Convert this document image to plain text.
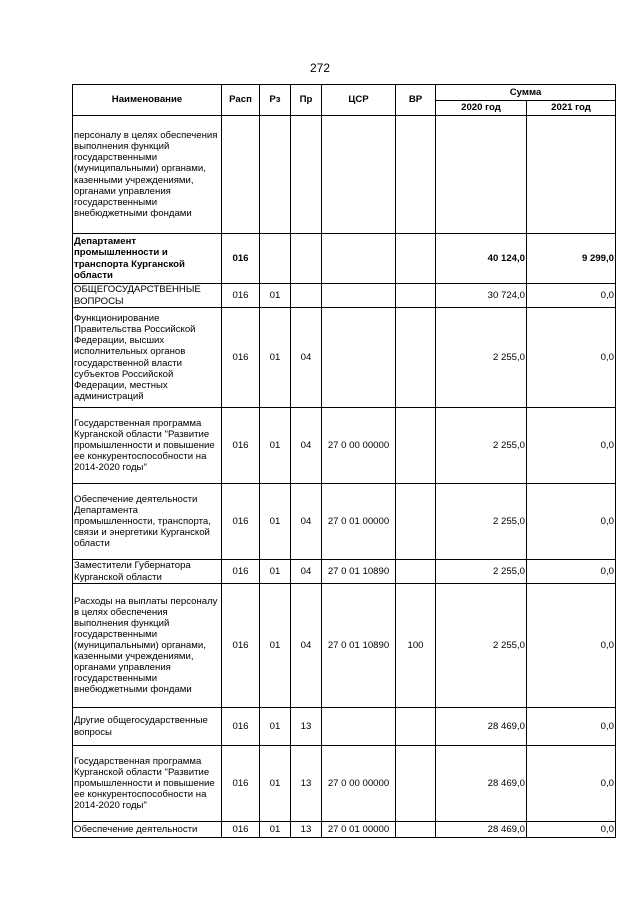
272
Наименование	Расп	Рз	Пр	ЦСР	ВР	Сумма	
						2020 год	2021 год
персоналу в целях обеспечения выполнения функций государственными (муниципальными) органами, казенными учреждениями, органами управления государственными внебюджетными фондами							
Департамент промышленности и транспорта Курганской области	016					40 124,0	9 299,0
ОБЩЕГОСУДАРСТВЕННЫЕ ВОПРОСЫ	016	01				30 724,0	0,0
Функционирование Правительства Российской Федерации, высших исполнительных органов государственной власти субъектов Российской Федерации, местных администраций	016	01	04			2 255,0	0,0
Государственная программа Курганской области "Развитие промышленности и повышение ее конкурентоспособности на 2014-2020 годы"	016	01	04	27 0 00 00000		2 255,0	0,0
Обеспечение деятельности Департамента промышленности, транспорта, связи и энергетики Курганской области	016	01	04	27 0 01 00000		2 255,0	0,0
Заместители Губернатора Курганской области	016	01	04	27 0 01 10890		2 255,0	0,0
Расходы на выплаты персоналу в целях обеспечения выполнения функций государственными (муниципальными) органами, казенными учреждениями, органами управления государственными внебюджетными фондами	016	01	04	27 0 01 10890	100	2 255,0	0,0
Другие общегосударственные вопросы	016	01	13			28 469,0	0,0
Государственная программа Курганской области "Развитие промышленности и повышение ее конкурентоспособности на 2014-2020 годы"	016	01	13	27 0 00 00000		28 469,0	0,0
Обеспечение деятельности	016	01	13	27 0 01 00000		28 469,0	0,0
